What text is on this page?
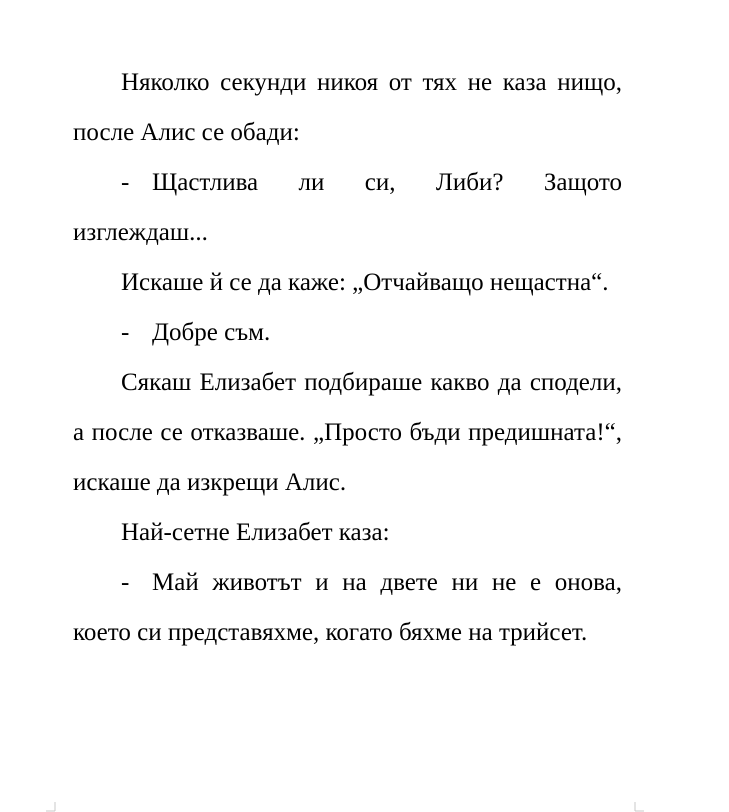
Няколко секунди никоя от тях не каза нищо, после Алис се обади:

- Щастлива ли си, Либи? Защото изглеждаш...

Искаше й се да каже: „Отчайващо нещастна“.

- Добре съм.

Сякаш Елизабет подбираше какво да сподели, а после се отказваше. „Просто бъди предишната!“, искаше да изкрещи Алис.

Най-сетне Елизабет каза:

- Май животът и на двете ни не е онова, което си представяхме, когато бяхме на трийсет.
